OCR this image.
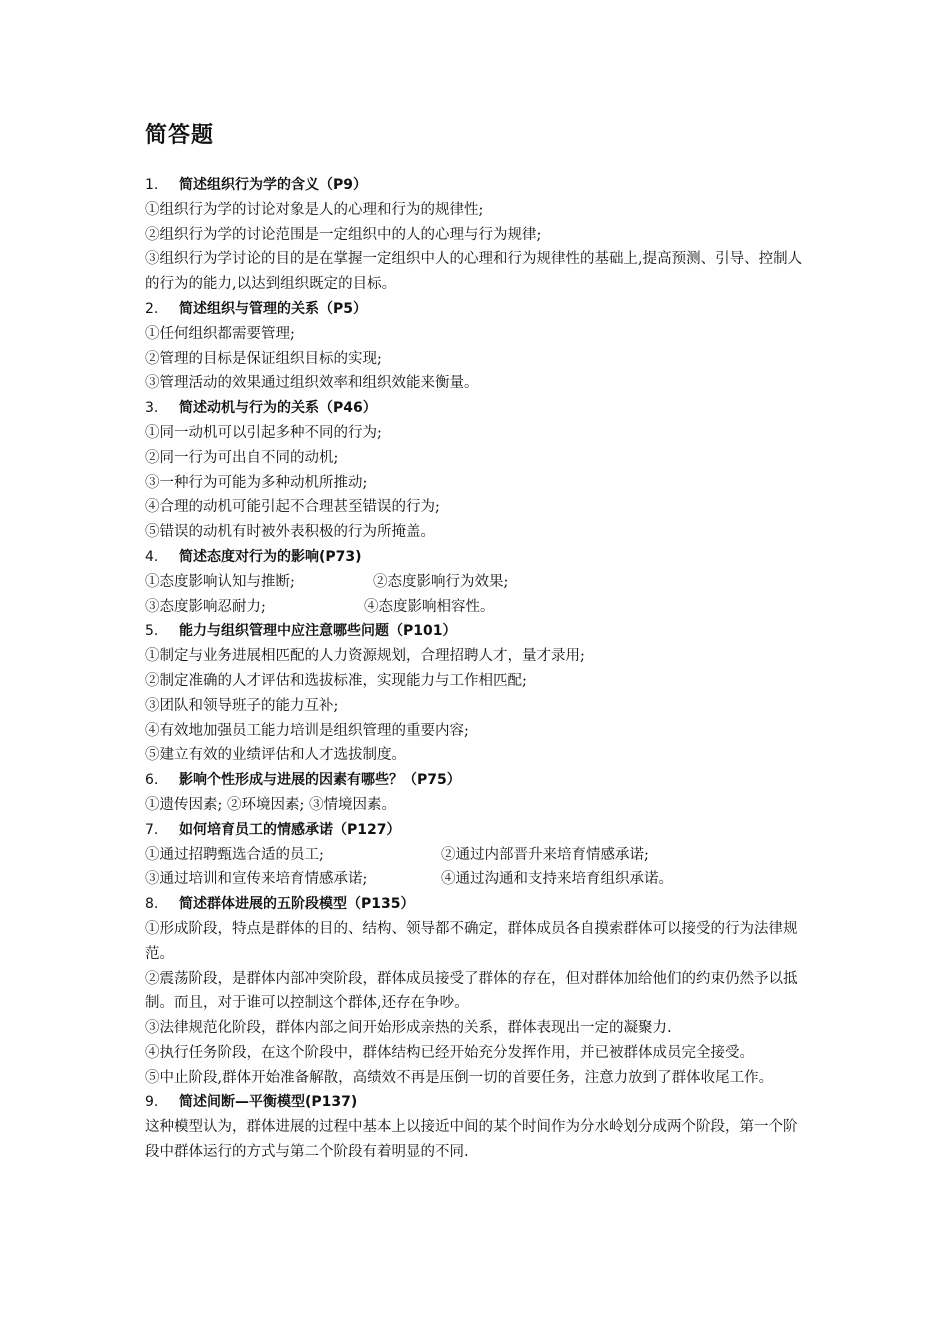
简答题
1. 简述组织行为学的含义（P9）

①组织行为学的讨论对象是人的心理和行为的规律性;

②组织行为学的讨论范围是一定组织中的人的心理与行为规律;

③组织行为学讨论的目的是在掌握一定组织中人的心理和行为规律性的基础上,提高预测、引导、控制人的行为的能力,以达到组织既定的目标。

2. 简述组织与管理的关系（P5）

①任何组织都需要管理;

②管理的目标是保证组织目标的实现;

③管理活动的效果通过组织效率和组织效能来衡量。

3. 简述动机与行为的关系（P46）

①同一动机可以引起多种不同的行为;

②同一行为可出自不同的动机;

③一种行为可能为多种动机所推动;

④合理的动机可能引起不合理甚至错误的行为;

⑤错误的动机有时被外表积极的行为所掩盖。

4. 简述态度对行为的影响(P73)
①态度影响认知与推断;	②态度影响行为效果;
③态度影响忍耐力;	④态度影响相容性。
5. 能力与组织管理中应注意哪些问题（P101）

①制定与业务进展相匹配的人力资源规划，合理招聘人才，量才录用;

②制定准确的人才评估和选拔标准，实现能力与工作相匹配;

③团队和领导班子的能力互补;

④有效地加强员工能力培训是组织管理的重要内容;

⑤建立有效的业绩评估和人才选拔制度。

6. 影响个性形成与进展的因素有哪些？（P75）

①遗传因素; ②环境因素; ③情境因素。

7. 如何培育员工的情感承诺（P127）
①通过招聘甄选合适的员工;	②通过内部晋升来培育情感承诺;
③通过培训和宣传来培育情感承诺;	④通过沟通和支持来培育组织承诺。
8. 简述群体进展的五阶段模型（P135）

①形成阶段，特点是群体的目的、结构、领导都不确定，群体成员各自摸索群体可以接受的行为法律规范。

②震荡阶段，是群体内部冲突阶段，群体成员接受了群体的存在，但对群体加给他们的约束仍然予以抵制。而且，对于谁可以控制这个群体,还存在争吵。

③法律规范化阶段，群体内部之间开始形成亲热的关系，群体表现出一定的凝聚力.

④执行任务阶段，在这个阶段中，群体结构已经开始充分发挥作用，并已被群体成员完全接受。

⑤中止阶段,群体开始准备解散，高绩效不再是压倒一切的首要任务，注意力放到了群体收尾工作。

9. 简述间断—平衡模型(P137)

这种模型认为，群体进展的过程中基本上以接近中间的某个时间作为分水岭划分成两个阶段，第一个阶段中群体运行的方式与第二个阶段有着明显的不同.
